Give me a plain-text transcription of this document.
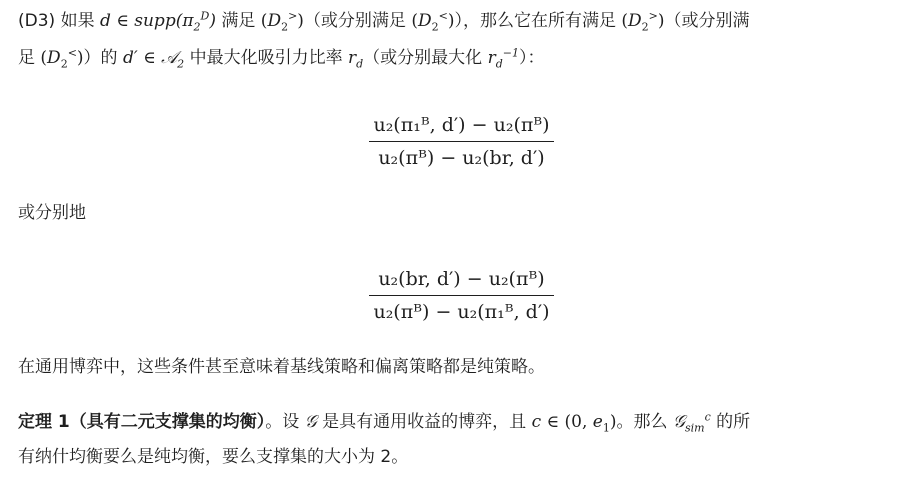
(D3) 如果 d ∈ $supp(\pi_2^D)$ 满足 $(D_2^>)$（或分别满足 $(D_2^<)$），那么它在所有满足 $(D_2^>)$（或分别满
足 $(D_2^<)$）的 d′ ∈ 𝒜$_2$ 中最大化吸引力比率 $r_d$（或分别最大化 $r_d^{-1}$）：
$\frac{\text{u₂(π₁ᴮ, d′) − u₂(πᴮ)}}{\text{u₂(πᴮ) − u₂(br, d′)}}$
或分别地
$\frac{\text{u₂(br, d′) − u₂(πᴮ)}}{\text{u₂(πᴮ) − u₂(π₁ᴮ, d′)}}$
在通用博弈中，这些条件甚至意味着基线策略和偏离策略都是纯策略。
定理 1（具有二元支撑集的均衡）。设 𝒢 是具有通用收益的博弈，且 c ∈ (0, $e_1$)。那么 𝒢$_{sim}^c$ 的所
有纳什均衡要么是纯均衡，要么支撑集的大小为 2。
